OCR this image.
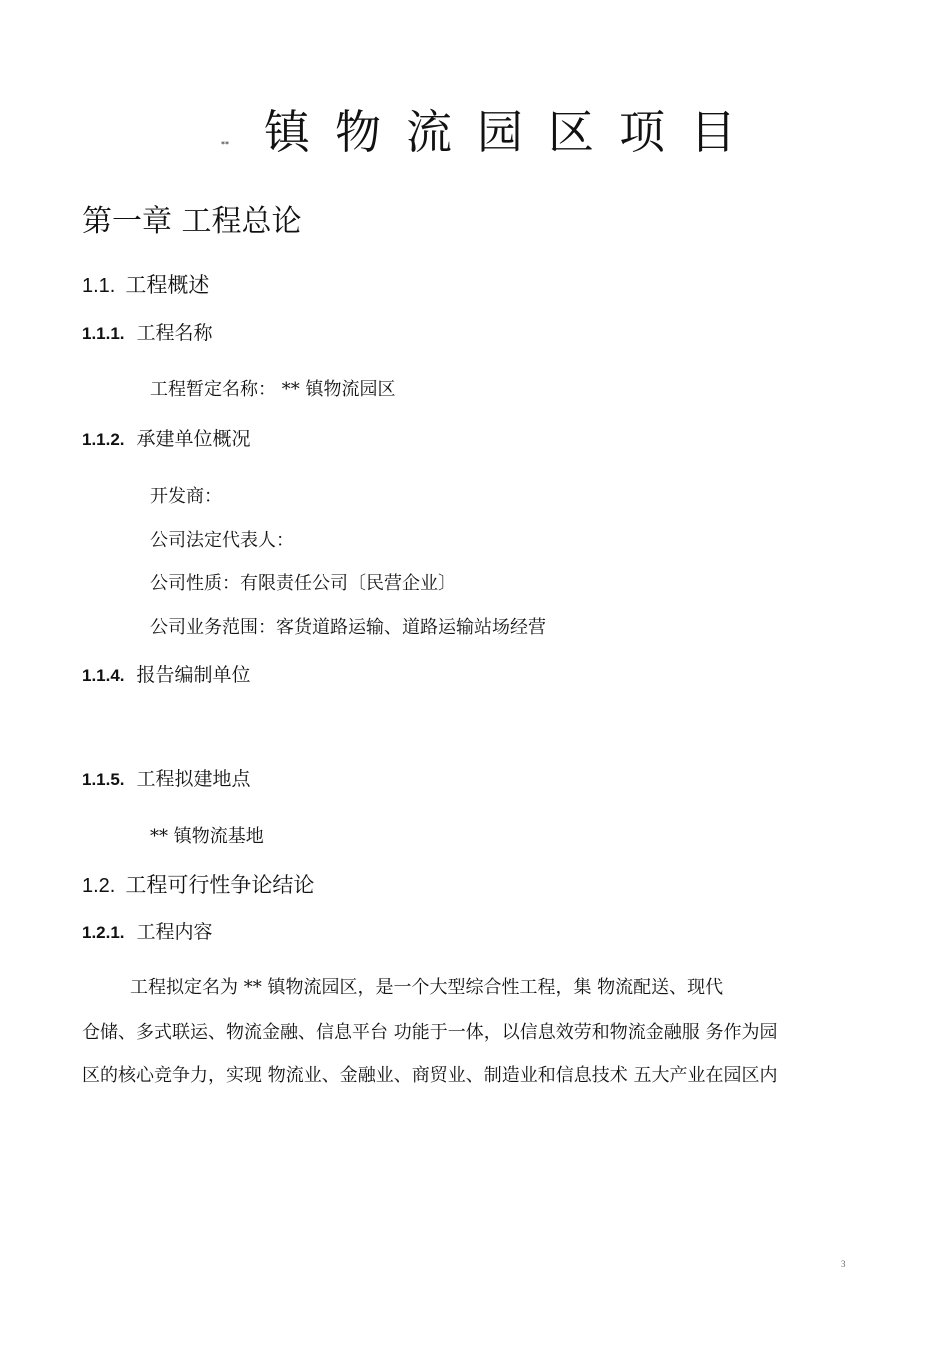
** 镇物流园区项目
第一章 工程总论
1.1. 工程概述
1.1.1. 工程名称
工程暂定名称： ** 镇物流园区
1.1.2. 承建单位概况
开发商：
公司法定代表人：
公司性质：有限责任公司〔民营企业〕
公司业务范围：客货道路运输、道路运输站场经营
1.1.4. 报告编制单位
1.1.5. 工程拟建地点
** 镇物流基地
1.2. 工程可行性争论结论
1.2.1. 工程内容
工程拟定名为 ** 镇物流园区，是一个大型综合性工程，集 物流配送、现代
仓储、多式联运、物流金融、信息平台 功能于一体，以信息效劳和物流金融服 务作为园
区的核心竞争力，实现 物流业、金融业、商贸业、制造业和信息技术 五大产业在园区内
3
